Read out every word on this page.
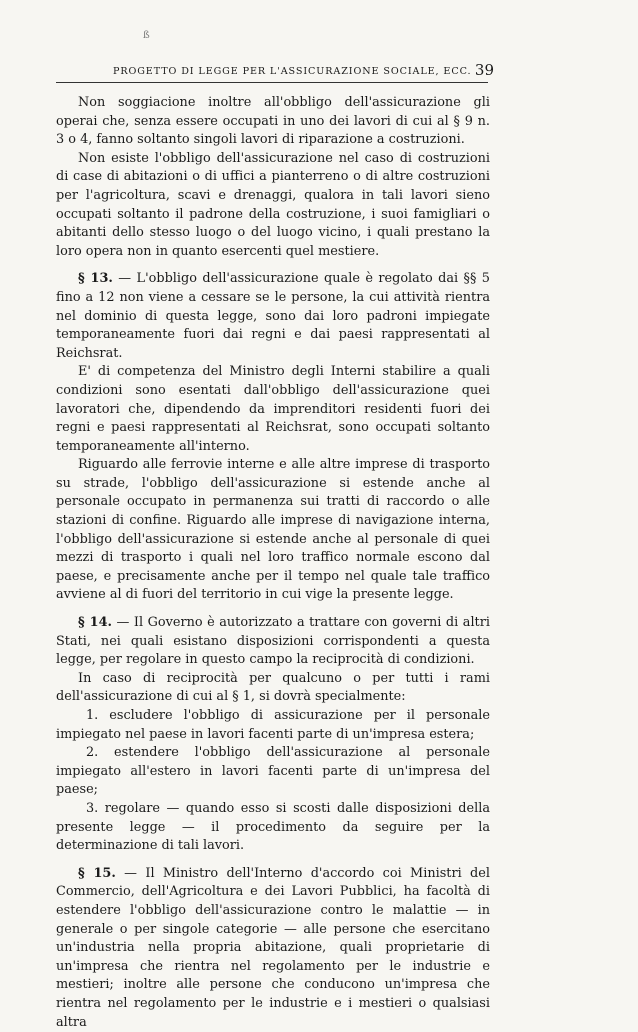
ß
PROGETTO DI LEGGE PER L'ASSICURAZIONE SOCIALE, ECC. 39

Non soggiacione inoltre all'obbligo dell'assicurazione gli operai che, senza essere occupati in uno dei lavori di cui al § 9 n. 3 o 4, fanno soltanto singoli lavori di riparazione a costruzioni.

Non esiste l'obbligo dell'assicurazione nel caso di costruzioni di case di abitazioni o di uffici a pianterreno o di altre costruzioni per l'agricoltura, scavi e drenaggi, qualora in tali lavori sieno occupati soltanto il padrone della costruzione, i suoi famigliari o abitanti dello stesso luogo o del luogo vicino, i quali prestano la loro opera non in quanto esercenti quel mestiere.

§ 13. — L'obbligo dell'assicurazione quale è regolato dai §§ 5 fino a 12 non viene a cessare se le persone, la cui attività rientra nel dominio di questa legge, sono dai loro padroni impiegate temporaneamente fuori dai regni e dai paesi rappresentati al Reichsrat.

E' di competenza del Ministro degli Interni stabilire a quali condizioni sono esentati dall'obbligo dell'assicurazione quei lavoratori che, dipendendo da imprenditori residenti fuori dei regni e paesi rappresentati al Reichsrat, sono occupati soltanto temporaneamente all'interno.

Riguardo alle ferrovie interne e alle altre imprese di trasporto su strade, l'obbligo dell'assicurazione si estende anche al personale occupato in permanenza sui tratti di raccordo o alle stazioni di confine. Riguardo alle imprese di navigazione interna, l'obbligo dell'assicurazione si estende anche al personale di quei mezzi di trasporto i quali nel loro traffico normale escono dal paese, e precisamente anche per il tempo nel quale tale traffico avviene al di fuori del territorio in cui vige la presente legge.

§ 14. — Il Governo è autorizzato a trattare con governi di altri Stati, nei quali esistano disposizioni corrispondenti a questa legge, per regolare in questo campo la reciprocità di condizioni.

In caso di reciprocità per qualcuno o per tutti i rami dell'assicurazione di cui al § 1, si dovrà specialmente:

1. escludere l'obbligo di assicurazione per il personale impiegato nel paese in lavori facenti parte di un'impresa estera;

2. estendere l'obbligo dell'assicurazione al personale impiegato all'estero in lavori facenti parte di un'impresa del paese;

3. regolare — quando esso si scosti dalle disposizioni della presente legge — il procedimento da seguire per la determinazione di tali lavori.

§ 15. — Il Ministro dell'Interno d'accordo coi Ministri del Commercio, dell'Agricoltura e dei Lavori Pubblici, ha facoltà di estendere l'obbligo dell'assicurazione contro le malattie — in generale o per singole categorie — alle persone che esercitano un'industria nella propria abitazione, quali proprietarie di un'impresa che rientra nel regolamento per le industrie e mestieri; inoltre alle persone che conducono un'impresa che rientra nel regolamento per le industrie e i mestieri o qualsiasi altra
